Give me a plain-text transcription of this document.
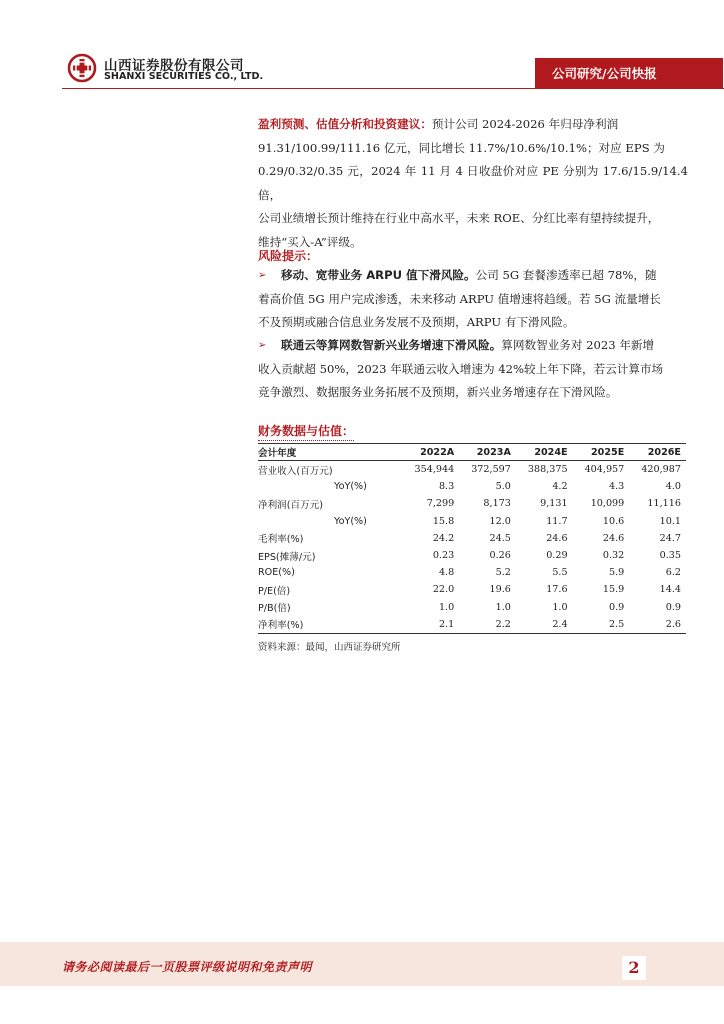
山西证券股份有限公司
SHANXI SECURITIES CO., LTD.	公司研究/公司快报
盈利预测、估值分析和投资建议：预计公司 2024-2026 年归母净利润
91.31/100.99/111.16 亿元，同比增长 11.7%/10.6%/10.1%；对应 EPS 为
0.29/0.32/0.35 元，2024 年 11 月 4 日收盘价对应 PE 分别为 17.6/15.9/14.4 倍，
公司业绩增长预计维持在行业中高水平，未来 ROE、分红比率有望持续提升，
维持“买入-A”评级。
风险提示：
➢	移动、宽带业务 ARPU 值下滑风险。公司 5G 套餐渗透率已超 78%，随
着高价值 5G 用户完成渗透，未来移动 ARPU 值增速将趋缓。若 5G 流量增长
不及预期或融合信息业务发展不及预期，ARPU 有下滑风险。
➢	联通云等算网数智新兴业务增速下滑风险。算网数智业务对 2023 年新增
收入贡献超 50%，2023 年联通云收入增速为 42%较上年下降，若云计算市场
竞争激烈、数据服务业务拓展不及预期，新兴业务增速存在下滑风险。
财务数据与估值：
会计年度	2022A	2023A	2024E	2025E	2026E
营业收入(百万元)	354,944	372,597	388,375	404,957	420,987
YoY(%)	8.3	5.0	4.2	4.3	4.0
净利润(百万元)	7,299	8,173	9,131	10,099	11,116
YoY(%)	15.8	12.0	11.7	10.6	10.1
毛利率(%)	24.2	24.5	24.6	24.6	24.7
EPS(摊薄/元)	0.23	0.26	0.29	0.32	0.35
ROE(%)	4.8	5.2	5.5	5.9	6.2
P/E(倍)	22.0	19.6	17.6	15.9	14.4
P/B(倍)	1.0	1.0	1.0	0.9	0.9
净利率(%)	2.1	2.2	2.4	2.5	2.6
资料来源：最闻，山西证券研究所
请务必阅读最后一页股票评级说明和免责声明	2
